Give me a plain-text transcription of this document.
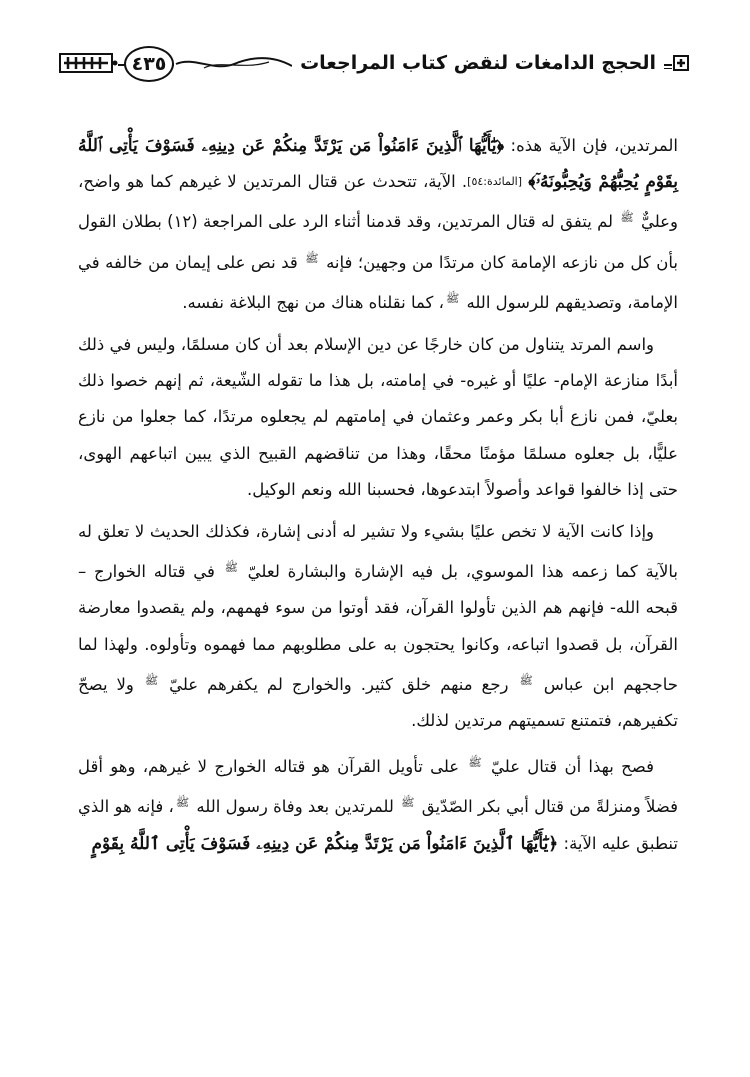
٤٣٥	الحجج الدامغات لنقض كتاب المراجعات

المرتدين، فإن الآية هذه: ﴿يَٰٓأَيُّهَا ٱلَّذِينَ ءَامَنُواْ مَن يَرْتَدَّ مِنكُمْ عَن دِينِهِۦ فَسَوْفَ يَأْتِى ٱللَّهُ بِقَوْمٍ يُحِبُّهُمْ وَيُحِبُّونَهُۥٓ﴾ [المائدة:٥٤]. الآية، تتحدث عن قتال المرتدين لا غيرهم كما هو واضح، وعليٌّ $^ﷺ$ لم يتفق له قتال المرتدين، وقد قدمنا أثناء الرد على المراجعة (١٢) بطلان القول بأن كل من نازعه الإمامة كان مرتدًا من وجهين؛ فإنه $^ﷺ$ قد نص على إيمان من خالفه في الإمامة، وتصديقهم للرسول الله $^ﷺ$، كما نقلناه هناك من نهج البلاغة نفسه.

واسم المرتد يتناول من كان خارجًا عن دين الإسلام بعد أن كان مسلمًا، وليس في ذلك أبدًا منازعة الإمام- عليًا أو غيره- في إمامته، بل هذا ما تقوله الشّيعة، ثم إنهم خصوا ذلك بعليّ، فمن نازع أبا بكر وعمر وعثمان في إمامتهم لم يجعلوه مرتدًا، كما جعلوا من نازع عليًّا، بل جعلوه مسلمًا مؤمنًا محقًا، وهذا من تناقضهم القبيح الذي يبين اتباعهم الهوى، حتى إذا خالفوا قواعد وأصولاً ابتدعوها، فحسبنا الله ونعم الوكيل.

وإذا كانت الآية لا تخص عليًا بشيء ولا تشير له أدنى إشارة، فكذلك الحديث لا تعلق له بالآية كما زعمه هذا الموسوي، بل فيه الإشارة والبشارة لعليّ $^ﷺ$ في قتاله الخوارج – قبحه الله- فإنهم هم الذين تأولوا القرآن، فقد أوتوا من سوء فهمهم، ولم يقصدوا معارضة القرآن، بل قصدوا اتباعه، وكانوا يحتجون به على مطلوبهم مما فهموه وتأولوه. ولهذا لما حاججهم ابن عباس $^ﷺ$ رجع منهم خلق كثير. والخوارج لم يكفرهم عليّ $^ﷺ$ ولا يصحّ تكفيرهم، فتمتنع تسميتهم مرتدين لذلك.

فصح بهذا أن قتال عليّ $^ﷺ$ على تأويل القرآن هو قتاله الخوارج لا غيرهم، وهو أقل فضلاً ومنزلةً من قتال أبي بكر الصّدّيق $^ﷺ$ للمرتدين بعد وفاة رسول الله $^ﷺ$، فإنه هو الذي تنطبق عليه الآية: ﴿يَٰٓأَيُّهَا ٱلَّذِينَ ءَامَنُواْ مَن يَرْتَدَّ مِنكُمْ عَن دِينِهِۦ فَسَوْفَ يَأْتِى ٱللَّهُ بِقَوْمٍ
